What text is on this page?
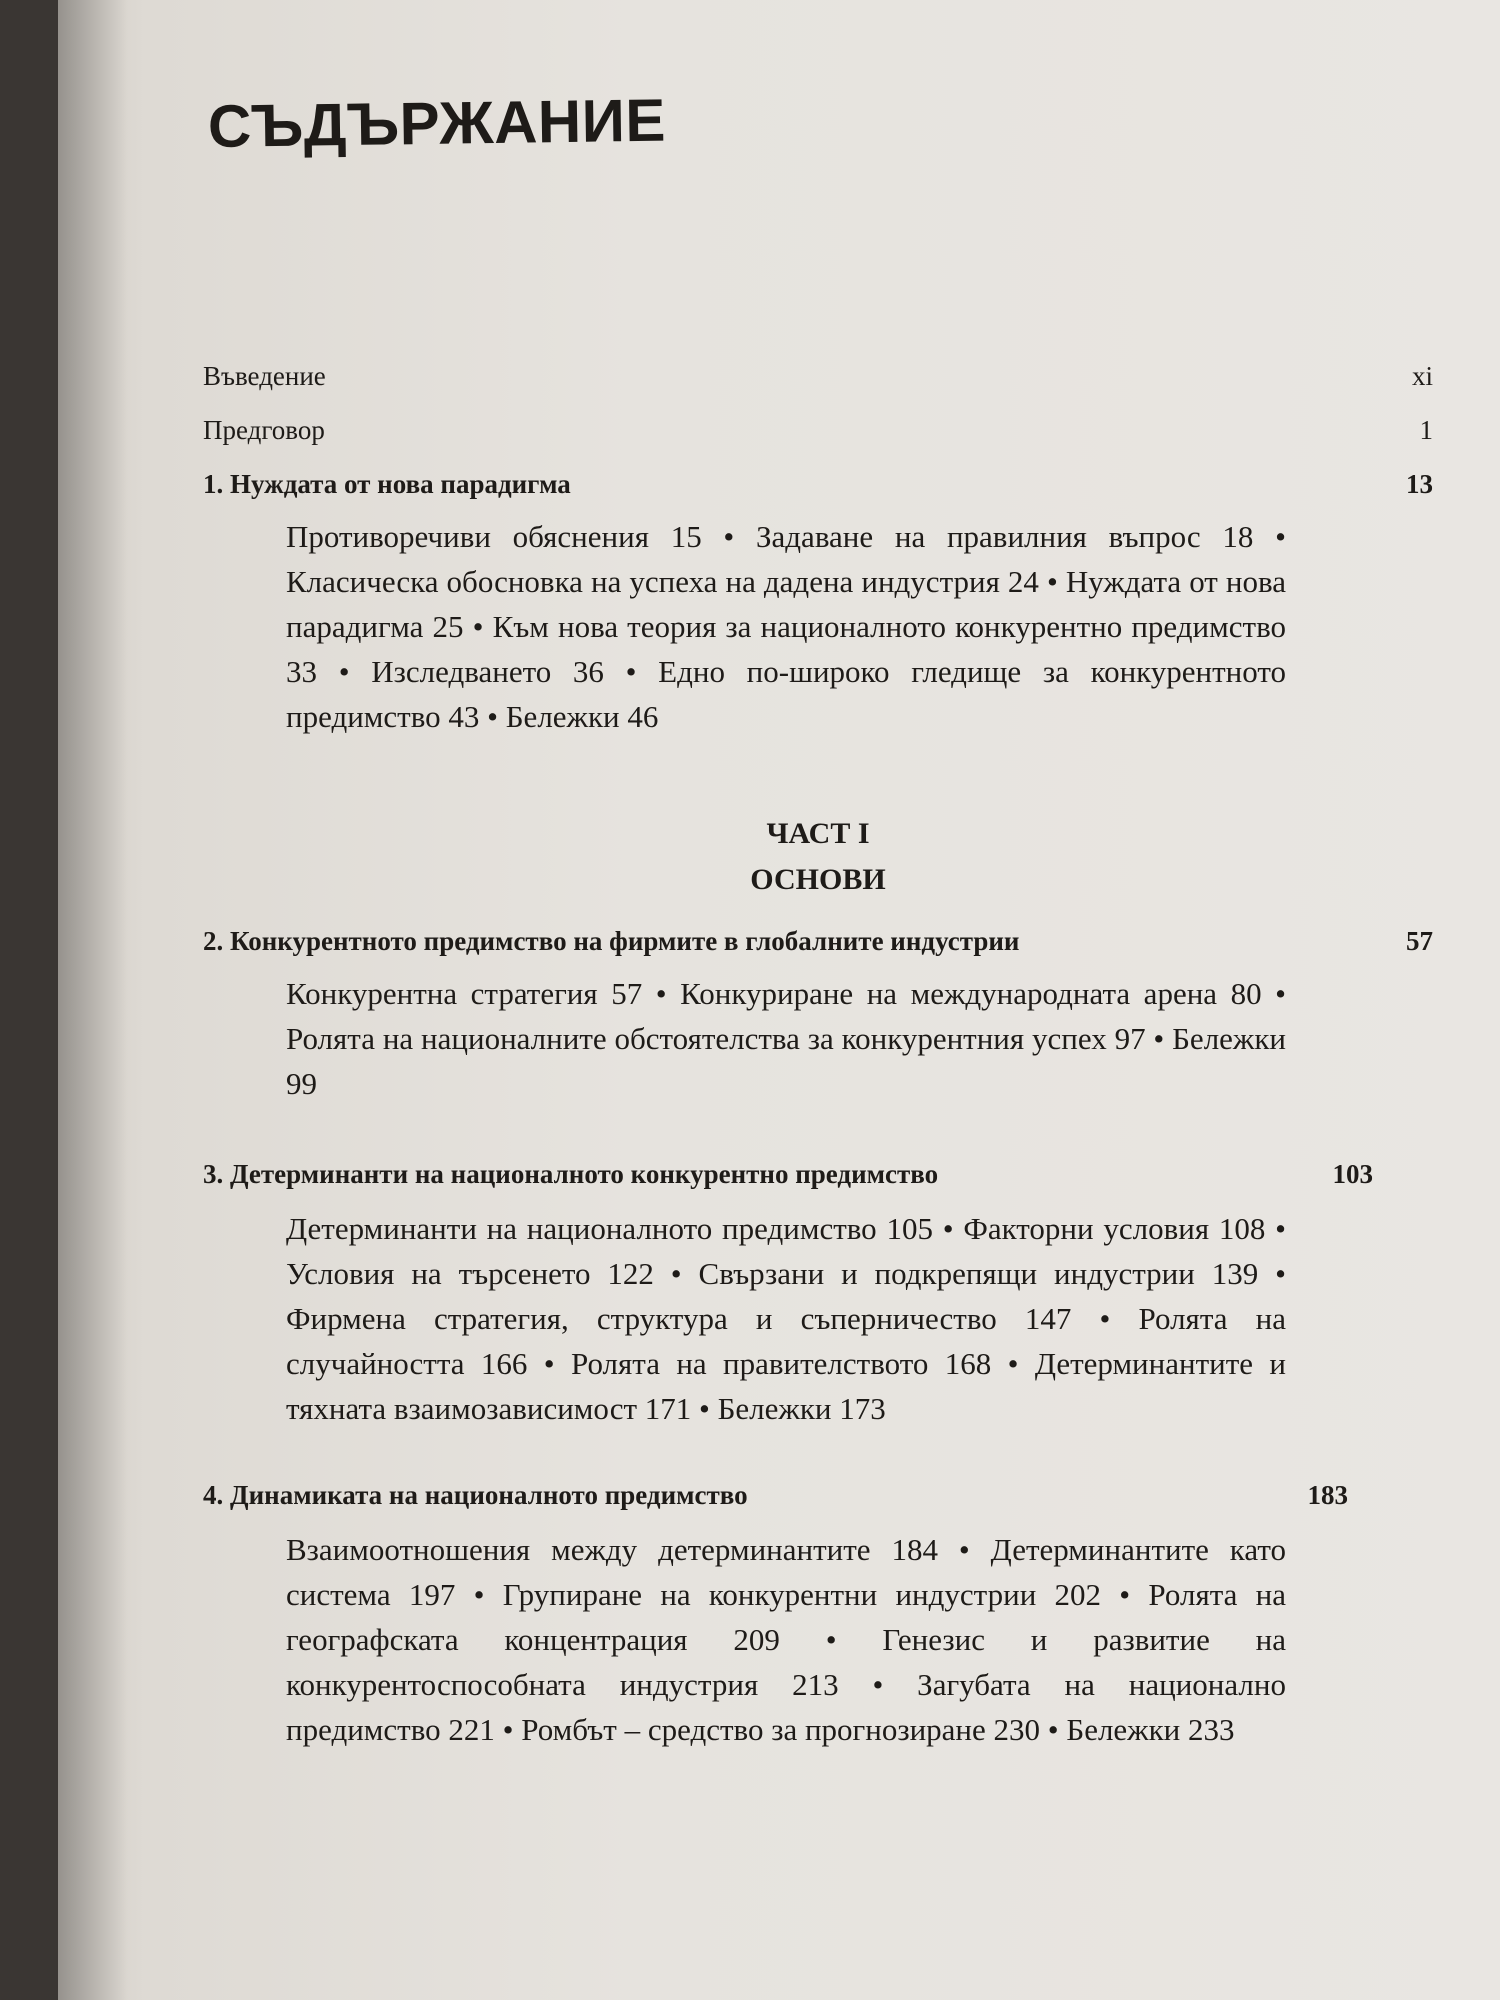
СЪДЪРЖАНИЕ
Въведение	xi
Предговор	1
1. Нуждата от нова парадигма	13
Противоречиви обяснения 15 • Задаване на правилния въпрос 18 • Класическа обосновка на успеха на дадена индустрия 24 • Нуждата от нова парадигма 25 • Към нова теория за националното конкурентно предимство 33 • Изследването 36 • Едно по-широко гледище за конкурентното предимство 43 • Бележки 46
ЧАСТ I
ОСНОВИ
2. Конкурентното предимство на фирмите в глобалните индустрии	57
Конкурентна стратегия 57 • Конкуриране на международната арена 80 • Ролята на националните обстоятелства за конкурентния успех 97 • Бележки 99
3. Детерминанти на националното конкурентно предимство	103
Детерминанти на националното предимство 105 • Факторни условия 108 • Условия на търсенето 122 • Свързани и подкрепящи индустрии 139 • Фирмена стратегия, структура и съперничество 147 • Ролята на случайността 166 • Ролята на правителството 168 • Детерминантите и тяхната взаимозависимост 171 • Бележки 173
4. Динамиката на националното предимство	183
Взаимоотношения между детерминантите 184 • Детерминантите като система 197 • Групиране на конкурентни индустрии 202 • Ролята на географската концентрация 209 • Генезис и развитие на конкурентоспособната индустрия 213 • Загубата на национално предимство 221 • Ромбът – средство за прогнозиране 230 • Бележки 233
